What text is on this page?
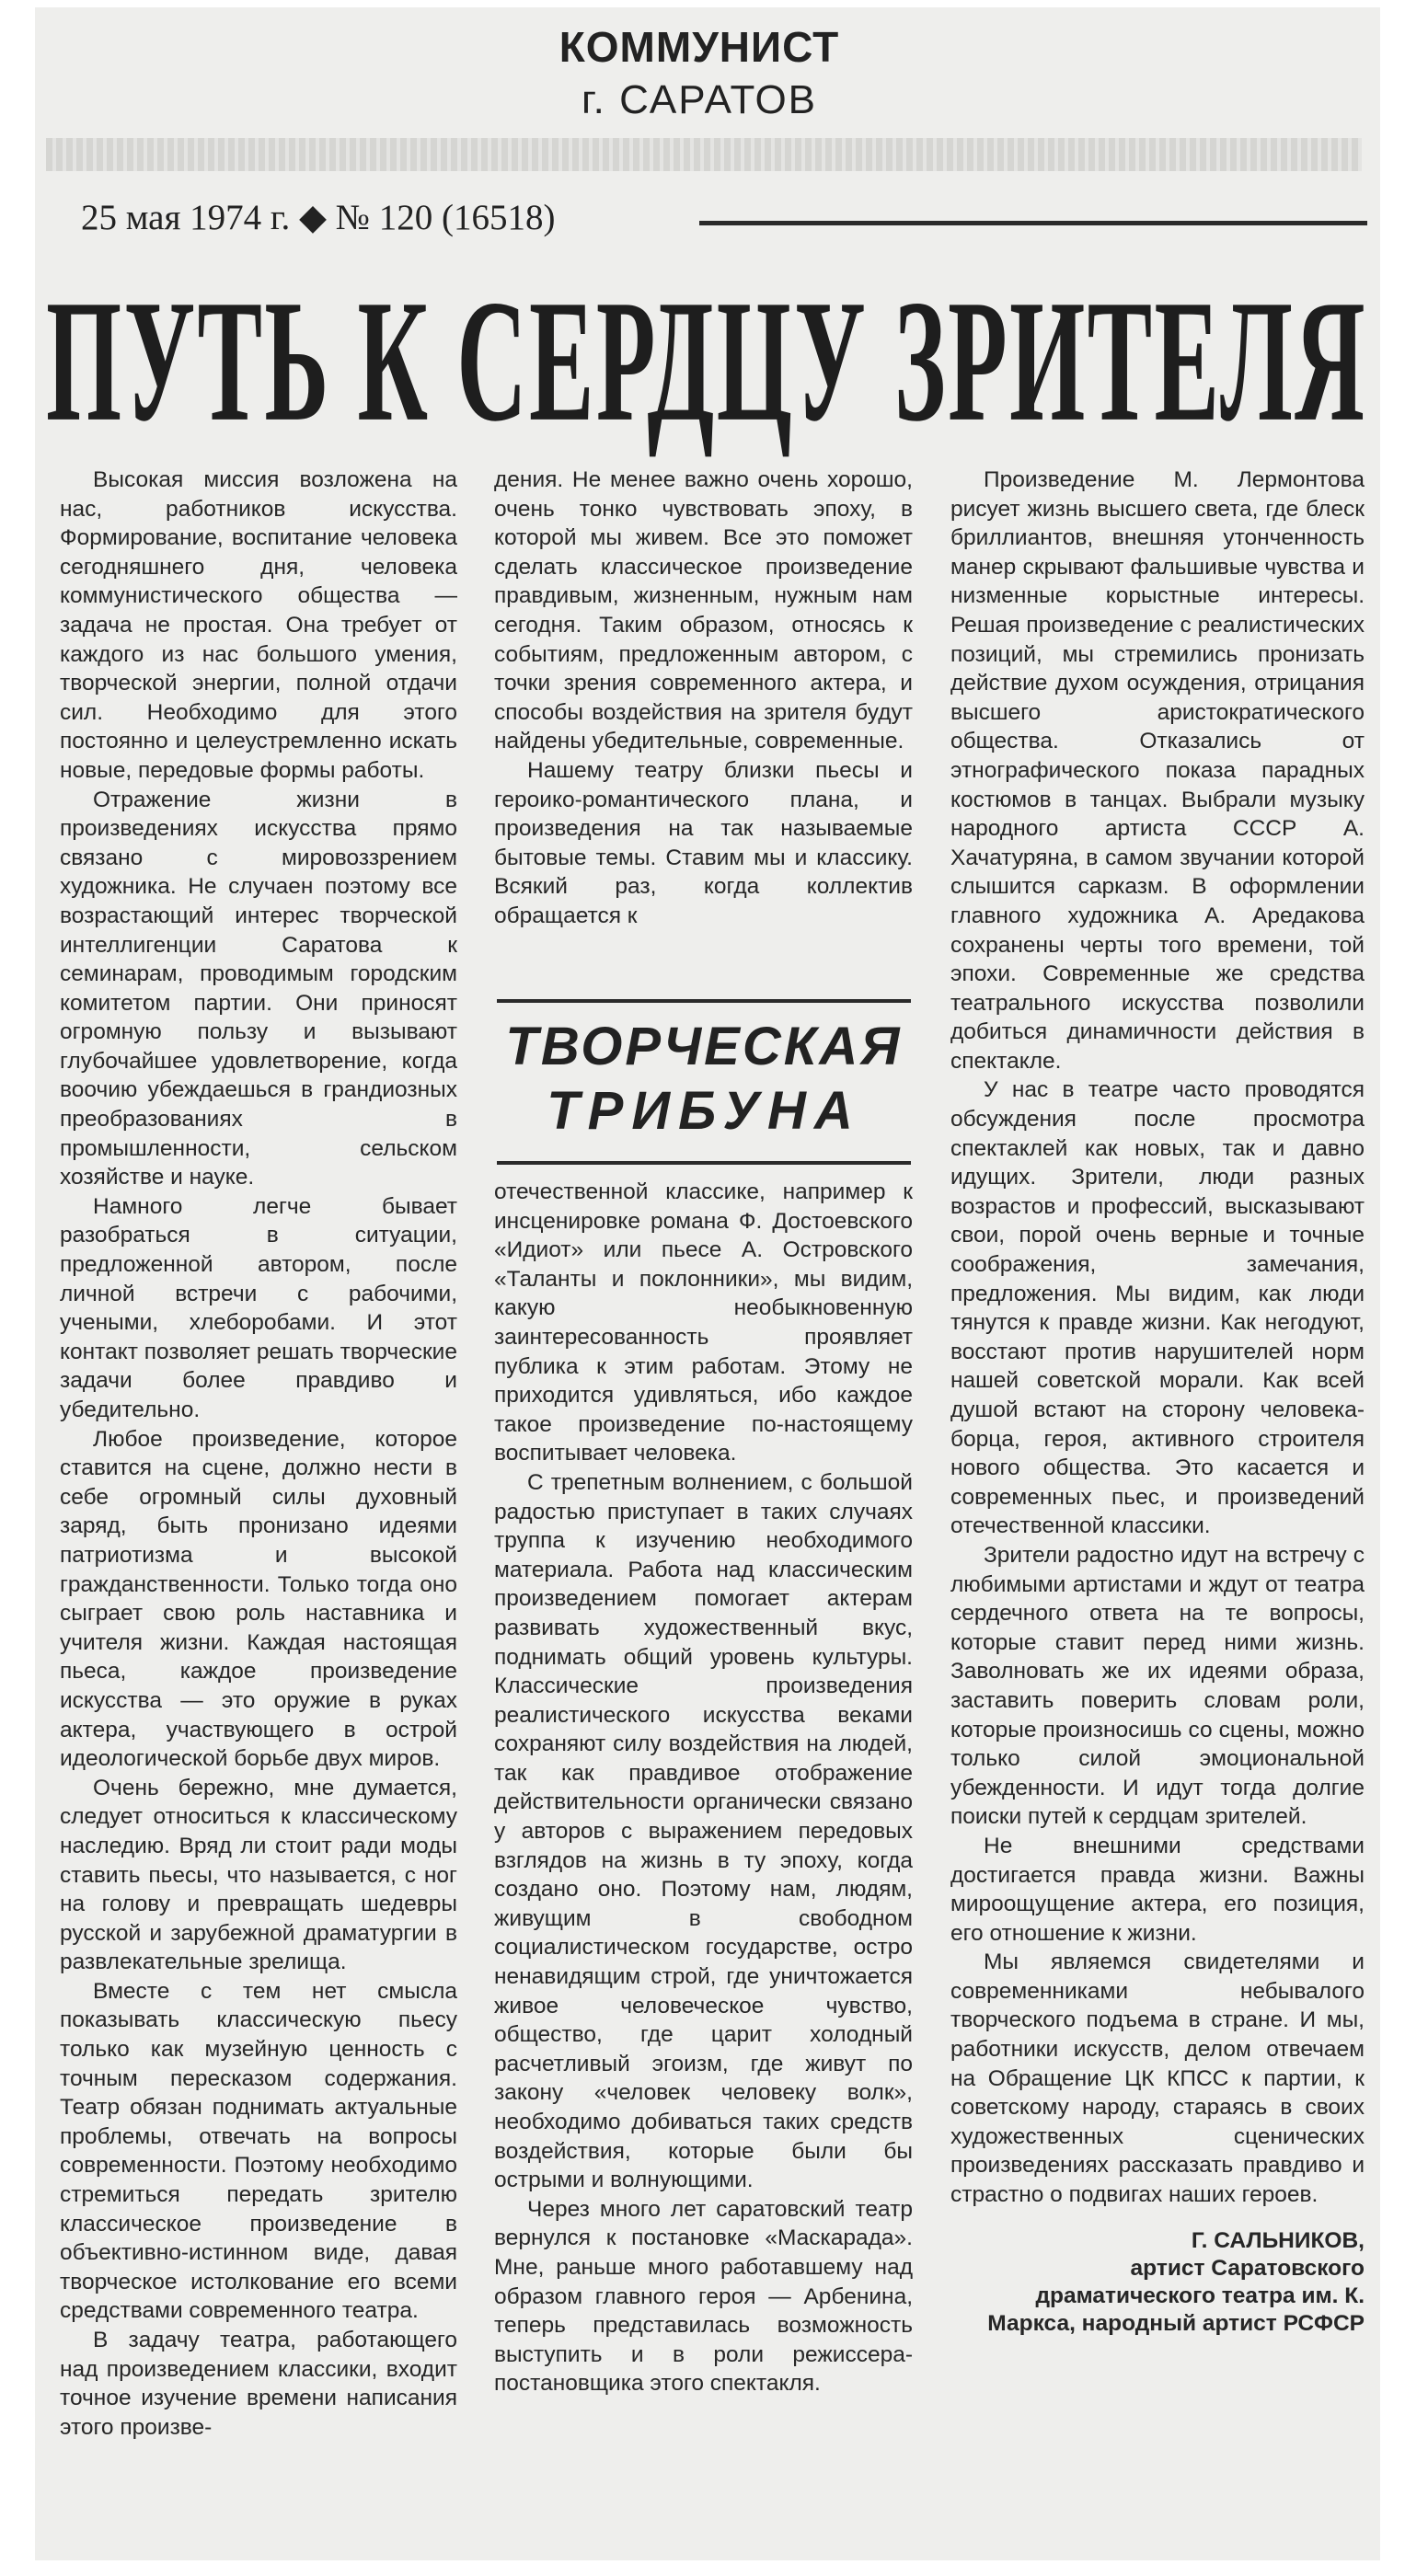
КОММУНИСТ
г. САРАТОВ
25 мая 1974 г. ◆ № 120 (16518)
ПУТЬ К СЕРДЦУ ЗРИТЕЛЯ

Высокая миссия возложена на нас, работников искусства. Формирование, воспитание человека сегодняшнего дня, человека коммунистического общества — задача не простая. Она требует от каждого из нас большого умения, творческой энергии, полной отдачи сил. Необходимо для этого постоянно и целеустремленно искать новые, передовые формы работы.

Отражение жизни в произведениях искусства прямо связано с мировоззрением художника. Не случаен поэтому все возрастающий интерес творческой интеллигенции Саратова к семинарам, проводимым городским комитетом партии. Они приносят огромную пользу и вызывают глубочайшее удовлетворение, когда воочию убеждаешься в грандиозных преобразованиях в промышленности, сельском хозяйстве и науке.

Намного легче бывает разобраться в ситуации, предложенной автором, после личной встречи с рабочими, учеными, хлеборобами. И этот контакт позволяет решать творческие задачи более правдиво и убедительно.

Любое произведение, которое ставится на сцене, должно нести в себе огромный силы духовный заряд, быть пронизано идеями патриотизма и высокой гражданственности. Только тогда оно сыграет свою роль наставника и учителя жизни. Каждая настоящая пьеса, каждое произведение искусства — это оружие в руках актера, участвующего в острой идеологической борьбе двух миров.

Очень бережно, мне думается, следует относиться к классическому наследию. Вряд ли стоит ради моды ставить пьесы, что называется, с ног на голову и превращать шедевры русской и зарубежной драматургии в развлекательные зрелища.

Вместе с тем нет смысла показывать классическую пьесу только как музейную ценность с точным пересказом содержания. Театр обязан поднимать актуальные проблемы, отвечать на вопросы современности. Поэтому необходимо стремиться передать зрителю классическое произведение в объективно-истинном виде, давая творческое истолкование его всеми средствами современного театра.

В задачу театра, работающего над произведением классики, входит точное изучение времени написания этого произве-

дения. Не менее важно очень хорошо, очень тонко чувствовать эпоху, в которой мы живем. Все это поможет сделать классическое произведение правдивым, жизненным, нужным нам сегодня. Таким образом, относясь к событиям, предложенным автором, с точки зрения современного актера, и способы воздействия на зрителя будут найдены убедительные, современные.

Нашему театру близки пьесы и героико-романтического плана, и произведения на так называемые бытовые темы. Ставим мы и классику. Всякий раз, когда коллектив обращается к

ТВОРЧЕСКАЯ
ТРИБУНА

отечественной классике, например к инсценировке романа Ф. Достоевского «Идиот» или пьесе А. Островского «Таланты и поклонники», мы видим, какую необыкновенную заинтересованность проявляет публика к этим работам. Этому не приходится удивляться, ибо каждое такое произведение по-настоящему воспитывает человека.

С трепетным волнением, с большой радостью приступает в таких случаях труппа к изучению необходимого материала. Работа над классическим произведением помогает актерам развивать художественный вкус, поднимать общий уровень культуры. Классические произведения реалистического искусства веками сохраняют силу воздействия на людей, так как правдивое отображение действительности органически связано у авторов с выражением передовых взглядов на жизнь в ту эпоху, когда создано оно. Поэтому нам, людям, живущим в свободном социалистическом государстве, остро ненавидящим строй, где уничтожается живое человеческое чувство, общество, где царит холодный расчетливый эгоизм, где живут по закону «человек человеку волк», необходимо добиваться таких средств воздействия, которые были бы острыми и волнующими.

Через много лет саратовский театр вернулся к постановке «Маскарада». Мне, раньше много работавшему над образом главного героя — Арбенина, теперь представилась возможность выступить и в роли режиссера-постановщика этого спектакля.

Произведение М. Лермонтова рисует жизнь высшего света, где блеск бриллиантов, внешняя утонченность манер скрывают фальшивые чувства и низменные корыстные интересы. Решая произведение с реалистических позиций, мы стремились пронизать действие духом осуждения, отрицания высшего аристократического общества. Отказались от этнографического показа парадных костюмов в танцах. Выбрали музыку народного артиста СССР А. Хачатуряна, в самом звучании которой слышится сарказм. В оформлении главного художника А. Аредакова сохранены черты того времени, той эпохи. Современные же средства театрального искусства позволили добиться динамичности действия в спектакле.

У нас в театре часто проводятся обсуждения после просмотра спектаклей как новых, так и давно идущих. Зрители, люди разных возрастов и профессий, высказывают свои, порой очень верные и точные соображения, замечания, предложения. Мы видим, как люди тянутся к правде жизни. Как негодуют, восстают против нарушителей норм нашей советской морали. Как всей душой встают на сторону человека-борца, героя, активного строителя нового общества. Это касается и современных пьес, и произведений отечественной классики.

Зрители радостно идут на встречу с любимыми артистами и ждут от театра сердечного ответа на те вопросы, которые ставит перед ними жизнь. Заволновать же их идеями образа, заставить поверить словам роли, которые произносишь со сцены, можно только силой эмоциональной убежденности. И идут тогда долгие поиски путей к сердцам зрителей.

Не внешними средствами достигается правда жизни. Важны мироощущение актера, его позиция, его отношение к жизни.

Мы являемся свидетелями и современниками небывалого творческого подъема в стране. И мы, работники искусств, делом отвечаем на Обращение ЦК КПСС к партии, к советскому народу, стараясь в своих художественных сценических произведениях рассказать правдиво и страстно о подвигах наших героев.

Г. САЛЬНИКОВ,

артист Саратовского драматического театра им. К. Маркса, народный артист РСФСР
